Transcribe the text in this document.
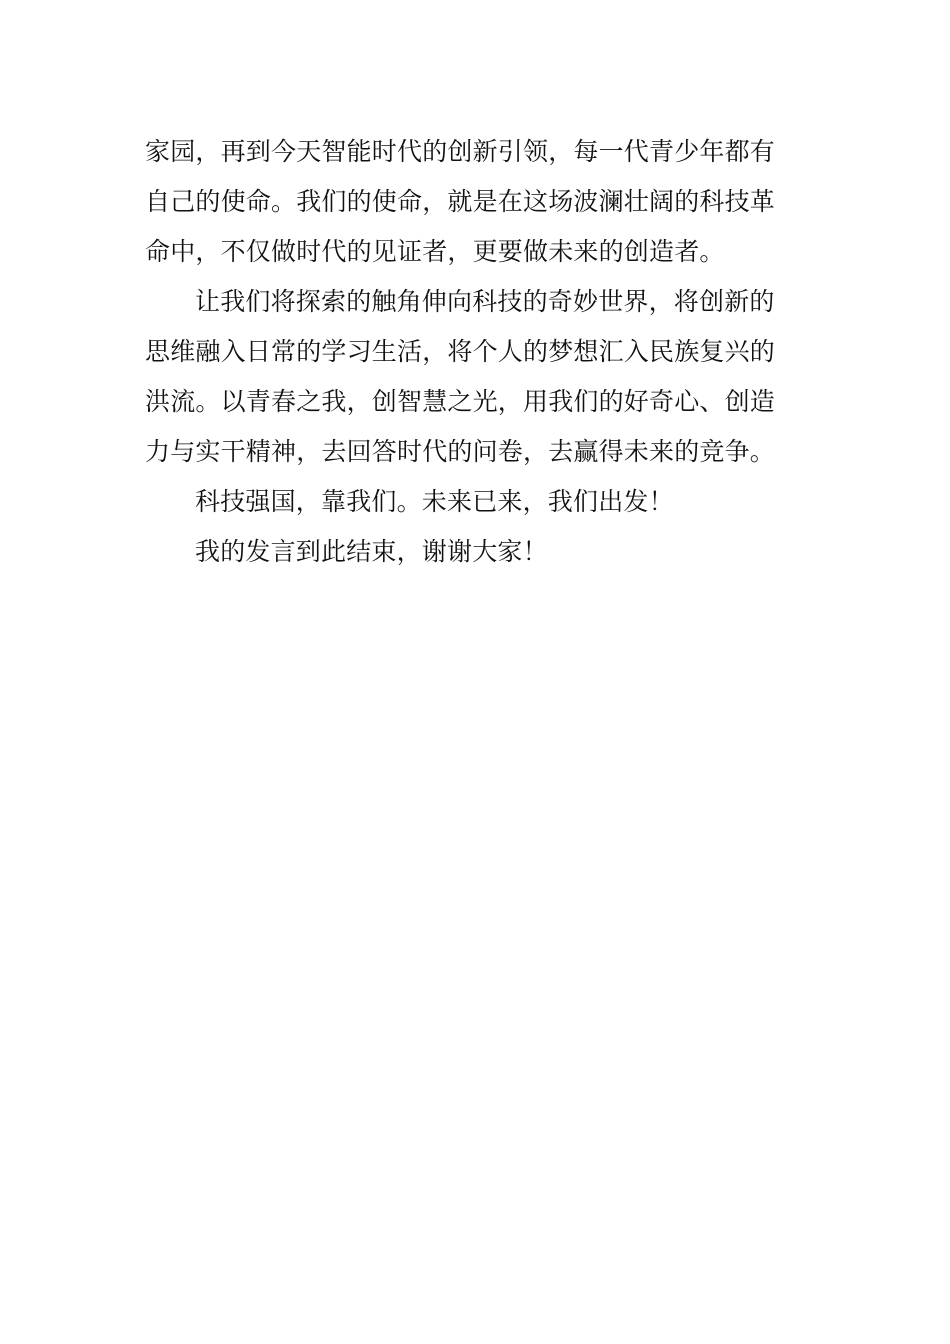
家园，再到今天智能时代的创新引领，每一代青少年都有
自己的使命。我们的使命，就是在这场波澜壮阔的科技革
命中，不仅做时代的见证者，更要做未来的创造者。
让我们将探索的触角伸向科技的奇妙世界，将创新的
思维融入日常的学习生活，将个人的梦想汇入民族复兴的
洪流。以青春之我，创智慧之光，用我们的好奇心、创造
力与实干精神，去回答时代的问卷，去赢得未来的竞争。
科技强国，靠我们。未来已来，我们出发！
我的发言到此结束，谢谢大家！
